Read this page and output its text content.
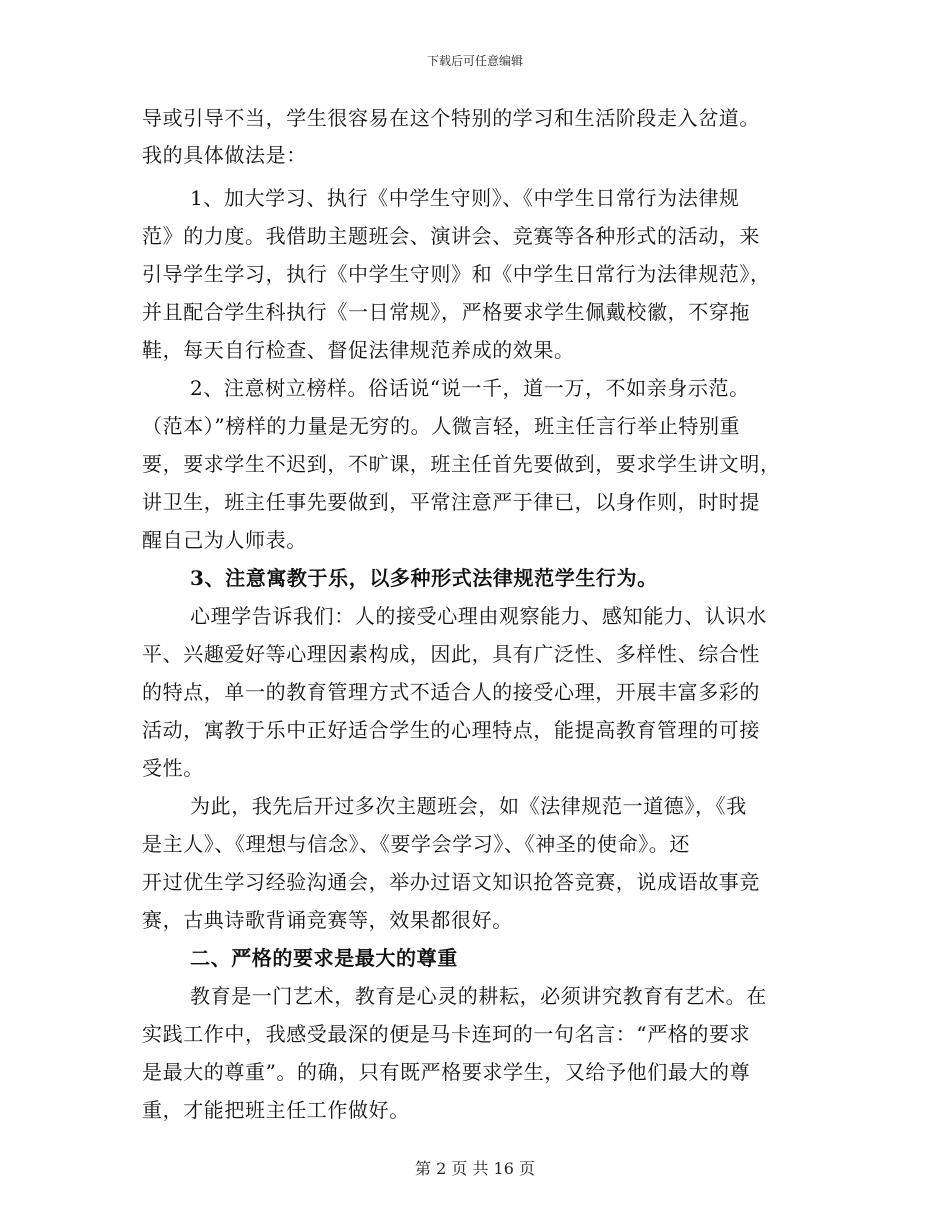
下载后可任意编辑
导或引导不当，学生很容易在这个特别的学习和生活阶段走入岔道。
我的具体做法是：
1、加大学习、执行《中学生守则》、《中学生日常行为法律规
范》的力度。我借助主题班会、演讲会、竞赛等各种形式的活动，来
引导学生学习，执行《中学生守则》和《中学生日常行为法律规范》，
并且配合学生科执行《一日常规》，严格要求学生佩戴校徽，不穿拖
鞋，每天自行检查、督促法律规范养成的效果。
2、注意树立榜样。俗话说“说一千，道一万，不如亲身示范。
（范本）”榜样的力量是无穷的。人微言轻，班主任言行举止特别重
要，要求学生不迟到，不旷课，班主任首先要做到，要求学生讲文明，
讲卫生，班主任事先要做到，平常注意严于律已，以身作则，时时提
醒自己为人师表。
3、注意寓教于乐，以多种形式法律规范学生行为。
心理学告诉我们：人的接受心理由观察能力、感知能力、认识水
平、兴趣爱好等心理因素构成，因此，具有广泛性、多样性、综合性
的特点，单一的教育管理方式不适合人的接受心理，开展丰富多彩的
活动，寓教于乐中正好适合学生的心理特点，能提高教育管理的可接
受性。
为此，我先后开过多次主题班会，如《法律规范一道德》，《我
是主人》、《理想与信念》、《要学会学习》、《神圣的使命》。还
开过优生学习经验沟通会，举办过语文知识抢答竞赛，说成语故事竞
赛，古典诗歌背诵竞赛等，效果都很好。
二、严格的要求是最大的尊重
教育是一门艺术，教育是心灵的耕耘，必须讲究教育有艺术。在
实践工作中，我感受最深的便是马卡连珂的一句名言：“严格的要求
是最大的尊重”。的确，只有既严格要求学生，又给予他们最大的尊
重，才能把班主任工作做好。
第 2 页 共 16 页
